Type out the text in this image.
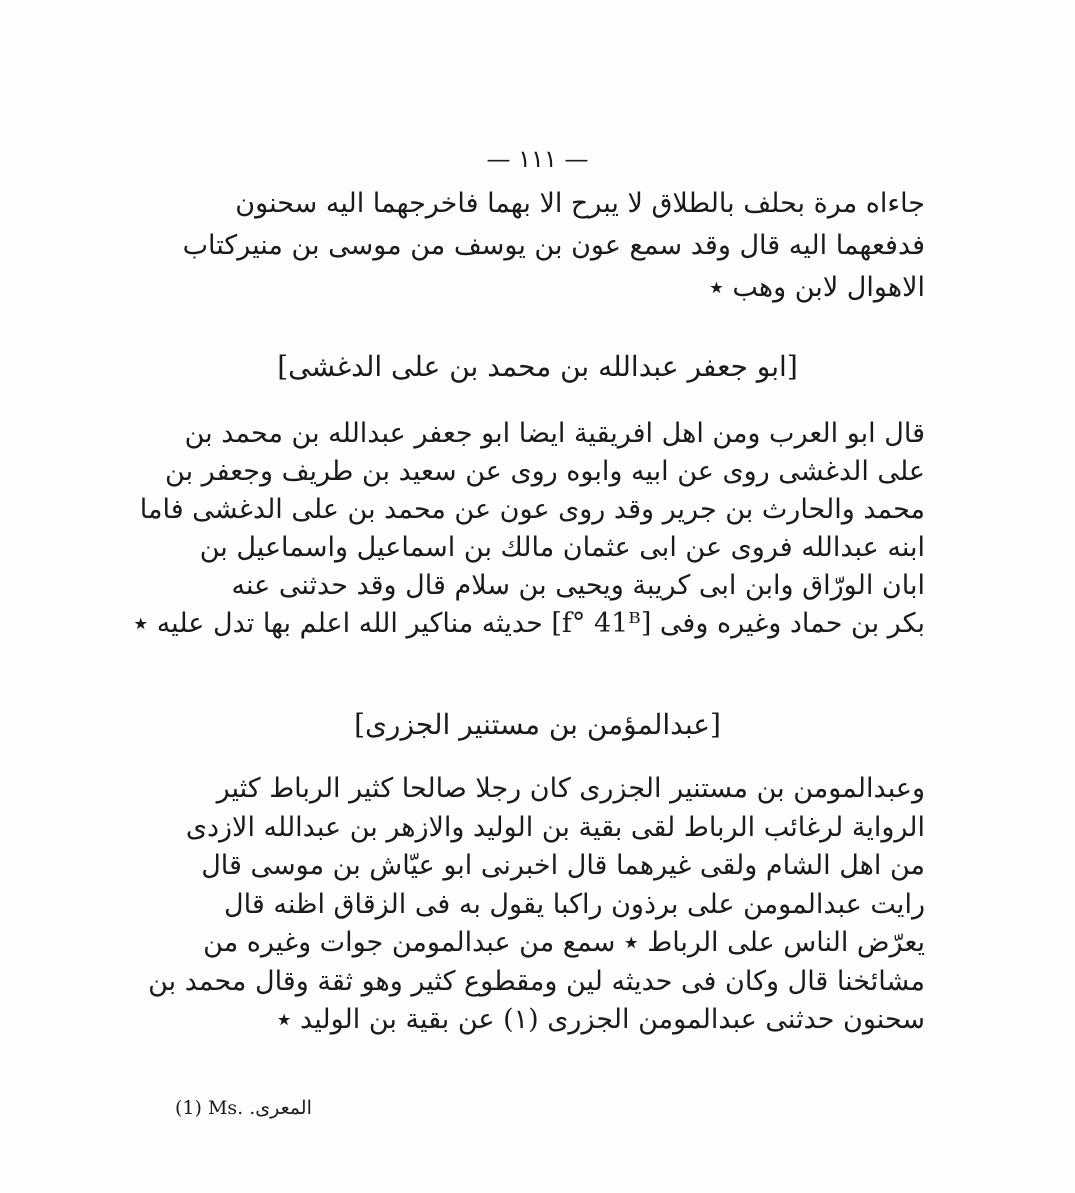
— ۱۱۱ —
جاءاه مرة بحلف بالطلاق لا يبرح الا بهما فاخرجهما اليه سحنون
فدفعهما اليه قال وقد سمع عون بن يوسف من موسى بن منيركتاب
الاهوال لابن وهب ٭
[ابو جعفر عبدالله بن محمد بن على الدغشى]
قال ابو العرب ومن اهل افريقية ايضا ابو جعفر عبدالله بن محمد بن
على الدغشى روى عن ابيه وابوه روى عن سعيد بن طريف وجعفر بن
محمد والحارث بن جرير وقد روى عون عن محمد بن على الدغشى فاما
ابنه عبدالله فروى عن ابى عثمان مالك بن اسماعيل واسماعيل بن
ابان الورّاق وابن ابى كريبة ويحيى بن سلام قال وقد حدثنى عنه
بكر بن حماد وغيره وفى [f° 41ᴮ] حديثه مناكير الله اعلم بها تدل عليه ٭
[عبدالمؤمن بن مستنير الجزرى]
وعبدالمومن بن مستنير الجزرى كان رجلا صالحا كثير الرباط كثير
الرواية لرغائب الرباط لقى بقية بن الوليد والازهر بن عبدالله الازدى
من اهل الشام ولقى غيرهما قال اخبرنى ابو عيّاش بن موسى قال
رايت عبدالمومن على برذون راكبا يقول به فى الزقاق اظنه قال
يعرّض الناس على الرباط ٭ سمع من عبدالمومن جوات وغيره من
مشائخنا قال وكان فى حديثه لين ومقطوع كثير وهو ثقة وقال محمد بن
سحنون حدثنى عبدالمومن الجزرى (١) عن بقية بن الوليد ٭
(1) Ms. المعرى.
